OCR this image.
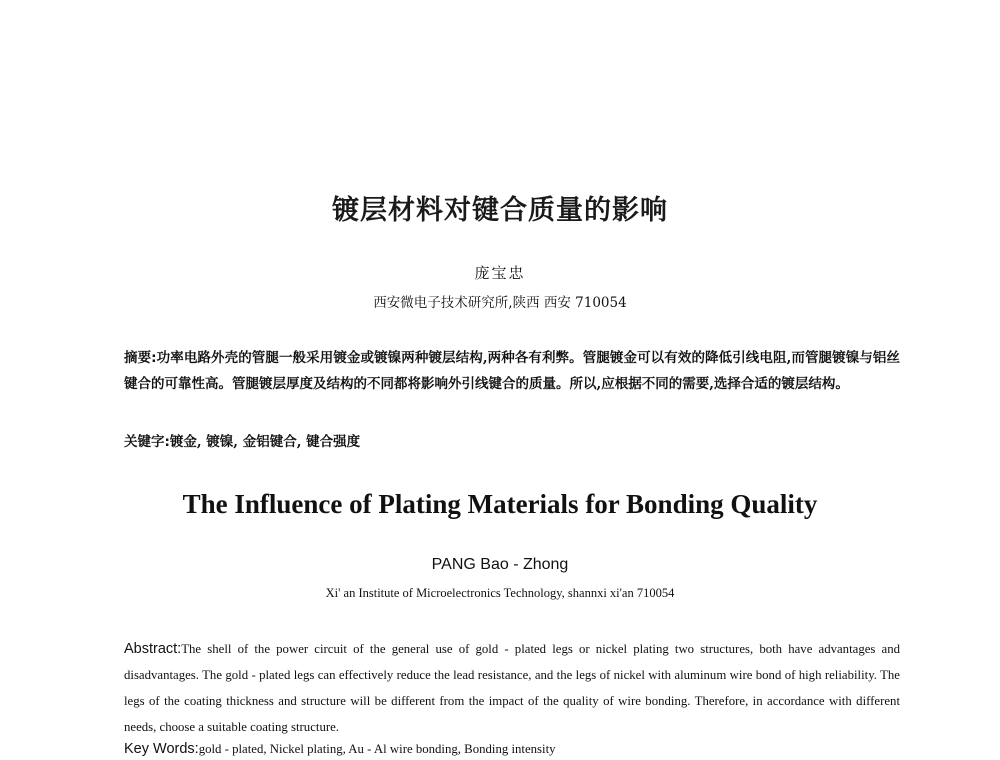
镀层材料对键合质量的影响
庞宝忠
西安微电子技术研究所,陕西 西安 710054
摘要:功率电路外壳的管腿一般采用镀金或镀镍两种镀层结构,两种各有利弊。管腿镀金可以有效的降低引线电阻,而管腿镀镍与铝丝键合的可靠性高。管腿镀层厚度及结构的不同都将影响外引线键合的质量。所以,应根据不同的需要,选择合适的镀层结构。
关键字:镀金, 镀镍, 金铝键合, 键合强度
The Influence of Plating Materials for Bonding Quality
PANG Bao - Zhong
Xi' an Institute of Microelectronics Technology, shannxi xi'an 710054
Abstract:The shell of the power circuit of the general use of gold - plated legs or nickel plating two structures, both have advantages and disadvantages. The gold - plated legs can effectively reduce the lead resistance, and the legs of nickel with aluminum wire bond of high reliability. The legs of the coating thickness and structure will be different from the impact of the quality of wire bonding. Therefore, in accordance with different needs, choose a suitable coating structure.
Key Words:gold - plated, Nickel plating, Au - Al wire bonding, Bonding intensity
